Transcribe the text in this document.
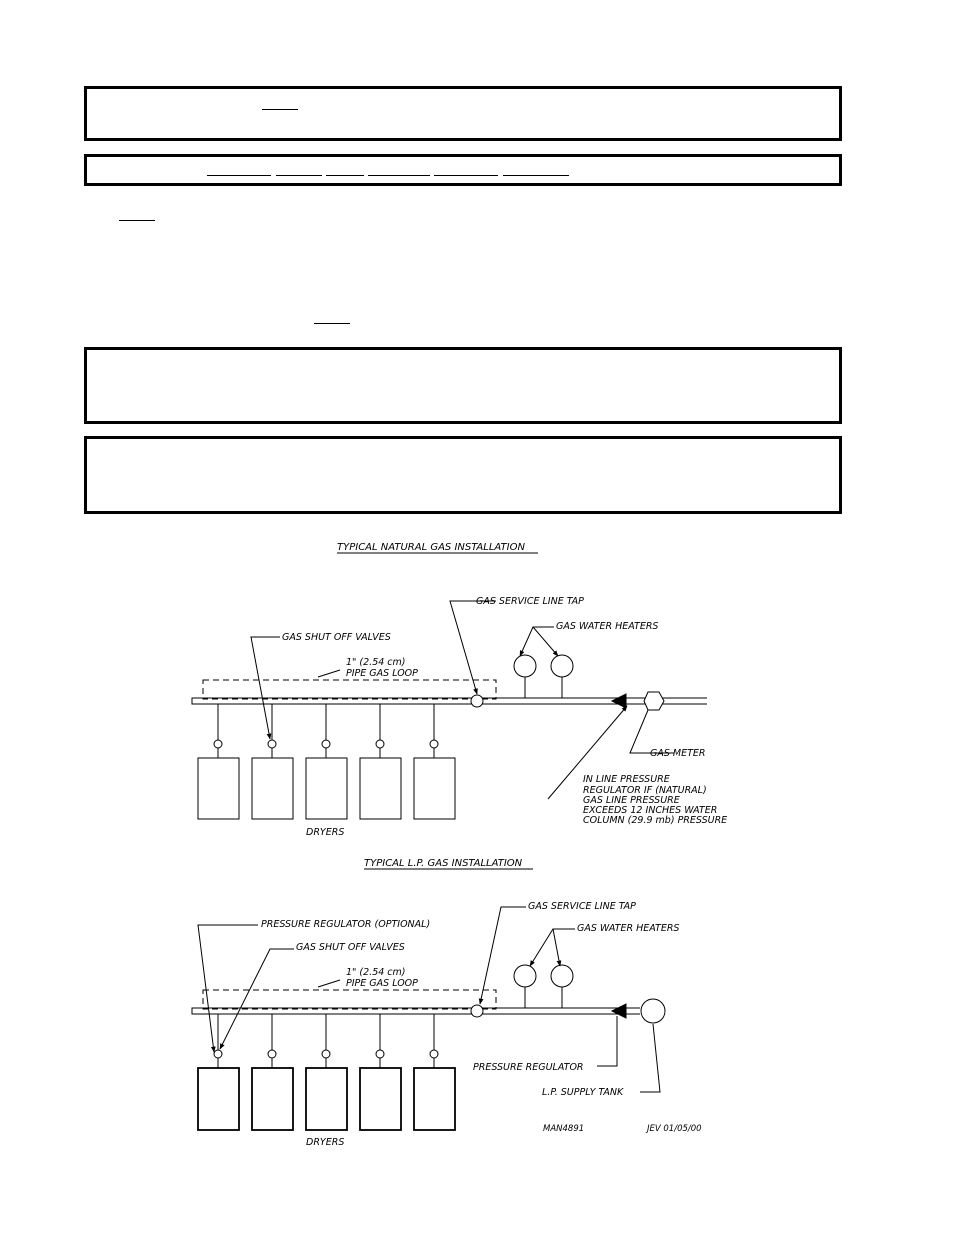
TYPICAL NATURAL GAS INSTALLATION
GAS SERVICE LINE TAP
GAS WATER HEATERS
GAS SHUT OFF VALVES
1" (2.54 cm)
PIPE GAS LOOP
GAS METER
IN LINE PRESSURE
REGULATOR IF (NATURAL)
GAS LINE PRESSURE
EXCEEDS 12 INCHES WATER
COLUMN (29.9 mb) PRESSURE
DRYERS
TYPICAL L.P. GAS INSTALLATION
GAS SERVICE LINE TAP
PRESSURE REGULATOR (OPTIONAL)	GAS WATER HEATERS
GAS SHUT OFF VALVES
1" (2.54 cm)
PIPE GAS LOOP
PRESSURE REGULATOR
L.P. SUPPLY TANK
MAN4891	JEV 01/05/00
DRYERS
